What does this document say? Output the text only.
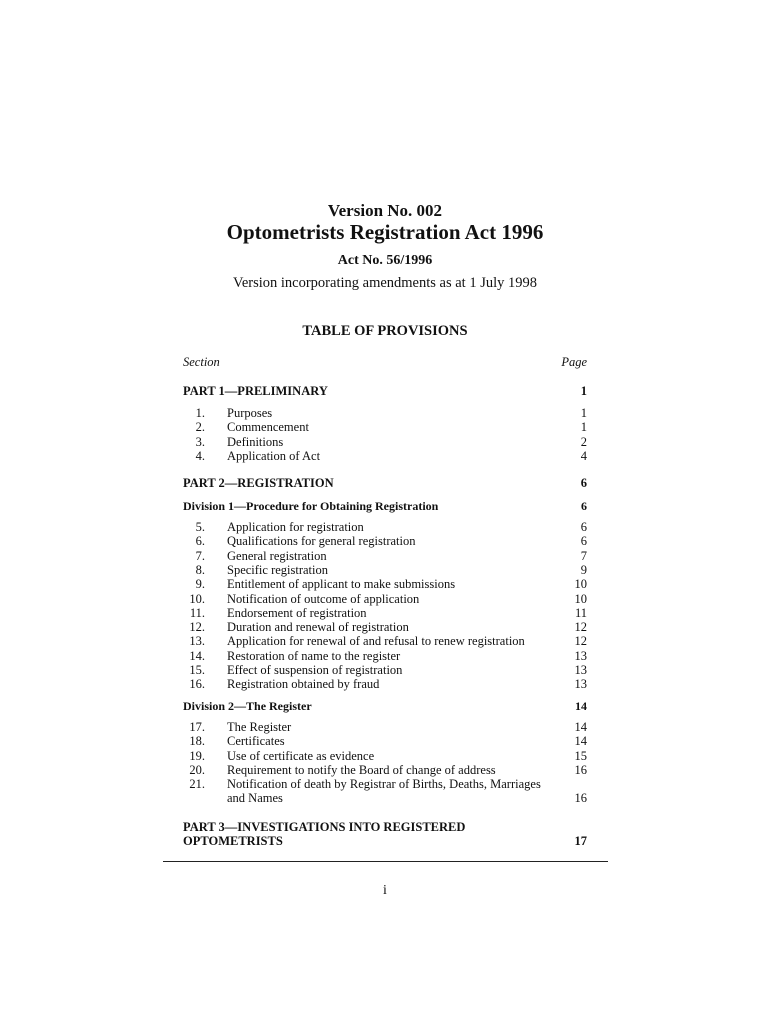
Version No. 002
Optometrists Registration Act 1996
Act No. 56/1996
Version incorporating amendments as at 1 July 1998
TABLE OF PROVISIONS
Section	Page
PART 1—PRELIMINARY	1
1. Purposes	1
2. Commencement	1
3. Definitions	2
4. Application of Act	4
PART 2—REGISTRATION	6
Division 1—Procedure for Obtaining Registration	6
5. Application for registration	6
6. Qualifications for general registration	6
7. General registration	7
8. Specific registration	9
9. Entitlement of applicant to make submissions	10
10. Notification of outcome of application	10
11. Endorsement of registration	11
12. Duration and renewal of registration	12
13. Application for renewal of and refusal to renew registration	12
14. Restoration of name to the register	13
15. Effect of suspension of registration	13
16. Registration obtained by fraud	13
Division 2—The Register	14
17. The Register	14
18. Certificates	14
19. Use of certificate as evidence	15
20. Requirement to notify the Board of change of address	16
21. Notification of death by Registrar of Births, Deaths, Marriages
and Names	16
PART 3—INVESTIGATIONS INTO REGISTERED
OPTOMETRISTS	17
i
